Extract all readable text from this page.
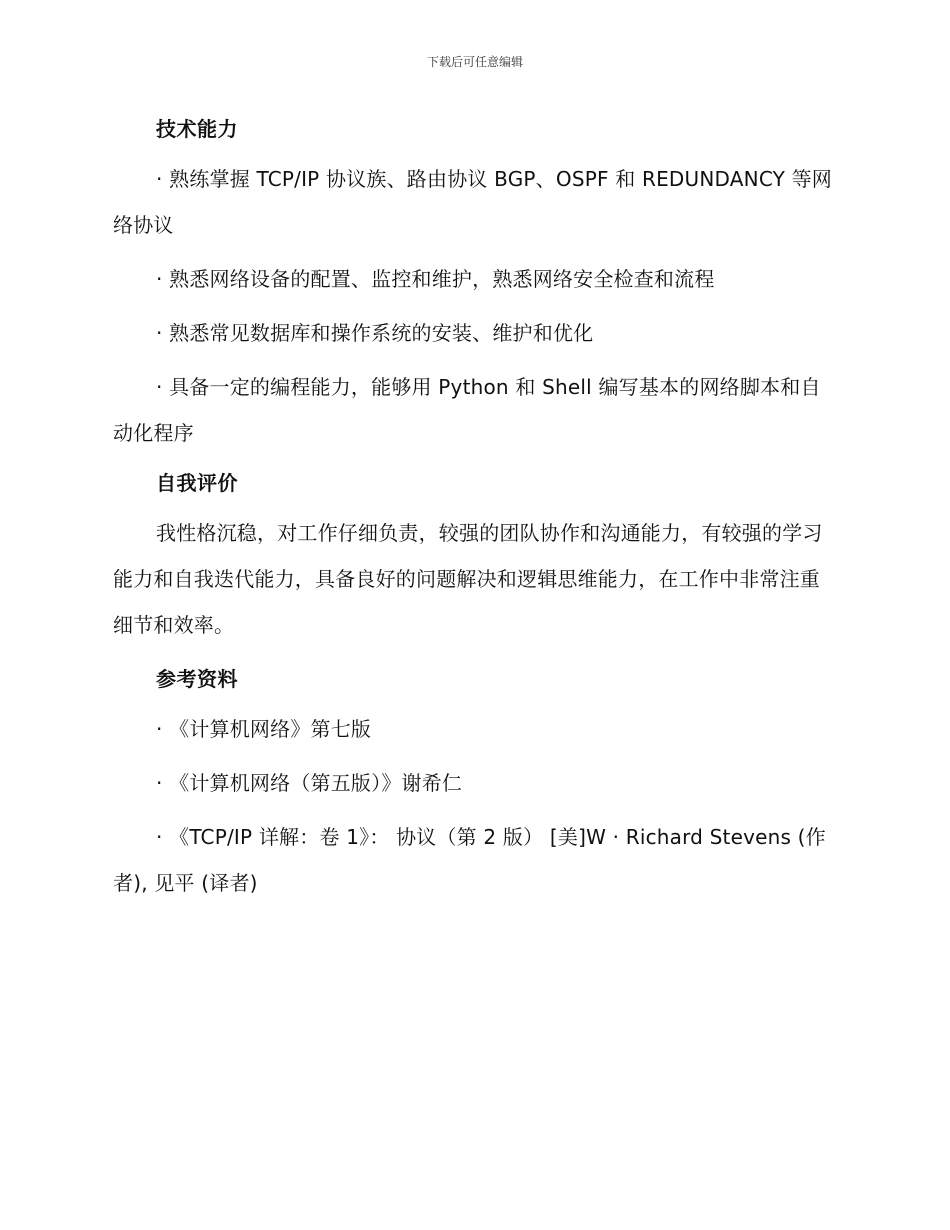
下载后可任意编辑
技术能力

· 熟练掌握 TCP/IP 协议族、路由协议 BGP、OSPF 和 REDUNDANCY 等网络协议

· 熟悉网络设备的配置、监控和维护，熟悉网络安全检查和流程

· 熟悉常见数据库和操作系统的安装、维护和优化

· 具备一定的编程能力，能够用 Python 和 Shell 编写基本的网络脚本和自动化程序

自我评价

我性格沉稳，对工作仔细负责，较强的团队协作和沟通能力，有较强的学习能力和自我迭代能力，具备良好的问题解决和逻辑思维能力，在工作中非常注重细节和效率。

参考资料

· 《计算机网络》第七版

· 《计算机网络（第五版）》谢希仁

· 《TCP/IP 详解：卷 1》： 协议（第 2 版） [美]W · Richard Stevens (作者), 见平 (译者)
